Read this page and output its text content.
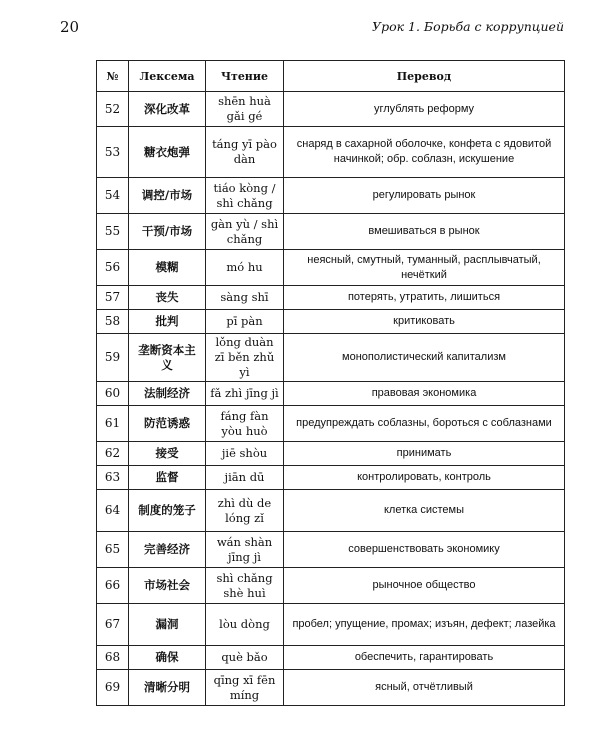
20	Урок 1. Борьба с коррупцией
№	Лексема	Чтение	Перевод
52	深化改革	shēn huà gǎi gé	углублять реформу
53	糖衣炮弹	táng yī pào dàn	снаряд в сахарной оболочке, конфета с ядовитой начинкой; обр. соблазн, искушение
54	调控/市场	tiáo kòng / shì chǎng	регулировать рынок
55	干预/市场	gàn yù / shì chǎng	вмешиваться в рынок
56	模糊	mó hu	неясный, смутный, туманный, расплывчатый, нечёткий
57	丧失	sàng shī	потерять, утратить, лишиться
58	批判	pī pàn	критиковать
59	垄断资本主义	lǒng duàn zī běn zhǔ yì	монополистический капитализм
60	法制经济	fǎ zhì jīng jì	правовая экономика
61	防范诱惑	fáng fàn yòu huò	предупреждать соблазны, бороться с соблазнами
62	接受	jiē shòu	принимать
63	监督	jiān dū	контролировать, контроль
64	制度的笼子	zhì dù de lóng zǐ	клетка системы
65	完善经济	wán shàn jīng jì	совершенствовать экономику
66	市场社会	shì chǎng shè huì	рыночное общество
67	漏洞	lòu dòng	пробел; упущение, промах; изъян, дефект; лазейка
68	确保	què bǎo	обеспечить, гарантировать
69	清晰分明	qīng xī fēn míng	ясный, отчётливый
